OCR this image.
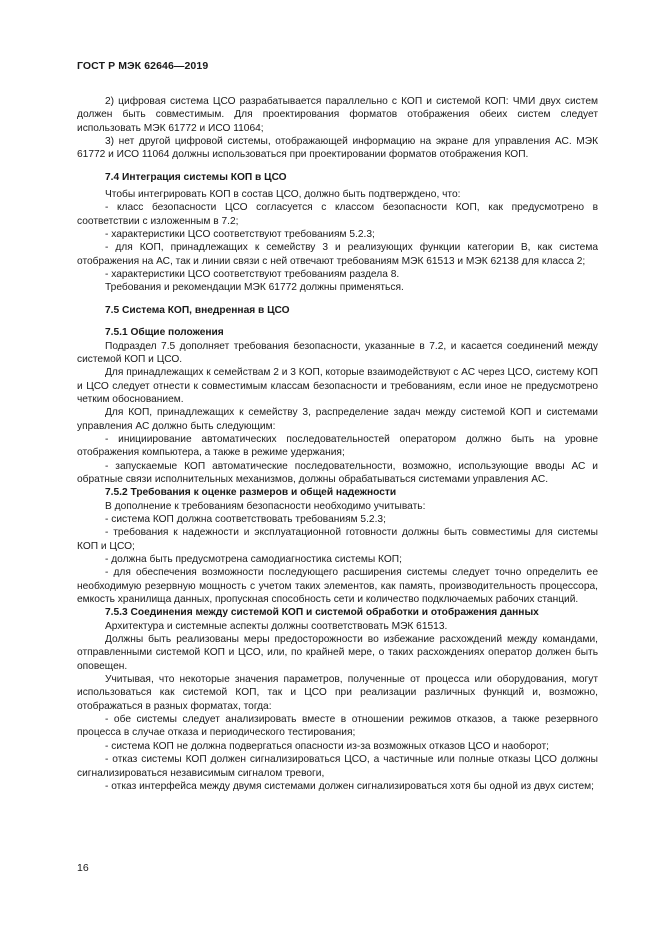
ГОСТ Р МЭК 62646—2019

2) цифровая система ЦСО разрабатывается параллельно с КОП и системой КОП: ЧМИ двух систем должен быть совместимым. Для проектирования форматов отображения обеих систем следует использовать МЭК 61772 и ИСО 11064;

3) нет другой цифровой системы, отображающей информацию на экране для управления АС. МЭК 61772 и ИСО 11064 должны использоваться при проектировании форматов отображения КОП.

7.4 Интеграция системы КОП в ЦСО

Чтобы интегрировать КОП в состав ЦСО, должно быть подтверждено, что:

- класс безопасности ЦСО согласуется с классом безопасности КОП, как предусмотрено в соответствии с изложенным в 7.2;

- характеристики ЦСО соответствуют требованиям 5.2.3;

- для КОП, принадлежащих к семейству 3 и реализующих функции категории В, как система отображения на АС, так и линии связи с ней отвечают требованиям МЭК 61513 и МЭК 62138 для класса 2;

- характеристики ЦСО соответствуют требованиям раздела 8.

Требования и рекомендации МЭК 61772 должны применяться.

7.5 Система КОП, внедренная в ЦСО

7.5.1 Общие положения

Подраздел 7.5 дополняет требования безопасности, указанные в 7.2, и касается соединений между системой КОП и ЦСО.

Для принадлежащих к семействам 2 и 3 КОП, которые взаимодействуют с АС через ЦСО, систему КОП и ЦСО следует отнести к совместимым классам безопасности и требованиям, если иное не предусмотрено четким обоснованием.

Для КОП, принадлежащих к семейству 3, распределение задач между системой КОП и системами управления АС должно быть следующим:

- инициирование автоматических последовательностей оператором должно быть на уровне отображения компьютера, а также в режиме удержания;

- запускаемые КОП автоматические последовательности, возможно, использующие вводы АС и обратные связи исполнительных механизмов, должны обрабатываться системами управления АС.

7.5.2 Требования к оценке размеров и общей надежности

В дополнение к требованиям безопасности необходимо учитывать:

- система КОП должна соответствовать требованиям 5.2.3;

- требования к надежности и эксплуатационной готовности должны быть совместимы для системы КОП и ЦСО;

- должна быть предусмотрена самодиагностика системы КОП;

- для обеспечения возможности последующего расширения системы следует точно определить ее необходимую резервную мощность с учетом таких элементов, как память, производительность процессора, емкость хранилища данных, пропускная способность сети и количество подключаемых рабочих станций.

7.5.3 Соединения между системой КОП и системой обработки и отображения данных

Архитектура и системные аспекты должны соответствовать МЭК 61513.

Должны быть реализованы меры предосторожности во избежание расхождений между командами, отправленными системой КОП и ЦСО, или, по крайней мере, о таких расхождениях оператор должен быть оповещен.

Учитывая, что некоторые значения параметров, полученные от процесса или оборудования, могут использоваться как системой КОП, так и ЦСО при реализации различных функций и, возможно, отображаться в разных форматах, тогда:

- обе системы следует анализировать вместе в отношении режимов отказов, а также резервного процесса в случае отказа и периодического тестирования;

- система КОП не должна подвергаться опасности из-за возможных отказов ЦСО и наоборот;

- отказ системы КОП должен сигнализироваться ЦСО, а частичные или полные отказы ЦСО должны сигнализироваться независимым сигналом тревоги,

- отказ интерфейса между двумя системами должен сигнализироваться хотя бы одной из двух систем;

16
